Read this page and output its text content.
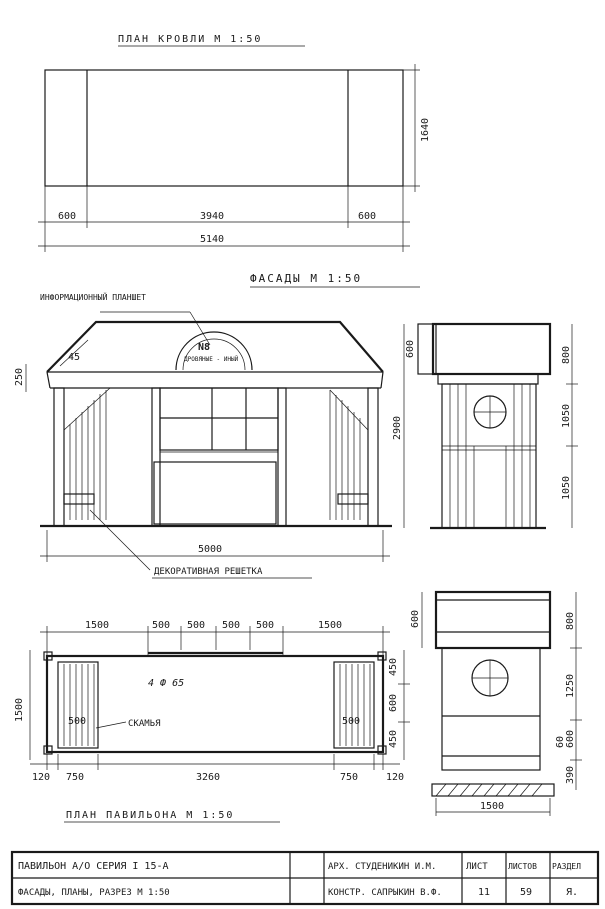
ПЛАН КРОВЛИ М 1:50
600	3940	600
5140
1640
ФАСАДЫ М 1:50
ИНФОРМАЦИОННЫЙ ПЛАНШЕТ
N8
ДРОВЯНЫЕ - ИНЫЙ
45
250
5000
ДЕКОРАТИВНАЯ РЕШЕТКА
600
2900
800
1050
1050
1500	500 500 500 500	1500
120 750	3260	750	120
1500
450
600
450
500	500
4 Ф 65
СКАМЬЯ
ПЛАН ПАВИЛЬОНА М 1:50
600	800
1250
60 600
390
1500
ПАВИЛЬОН А/О СЕРИЯ I 15-А	АРХ. СТУДЕНИКИН И.М.	ЛИСТ	ЛИСТОВ РАЗДЕЛ
ФАСАДЫ, ПЛАНЫ, РАЗРЕЗ М 1:50	КОНСТР. САПРЫКИН В.Ф.	11	59	Я.
